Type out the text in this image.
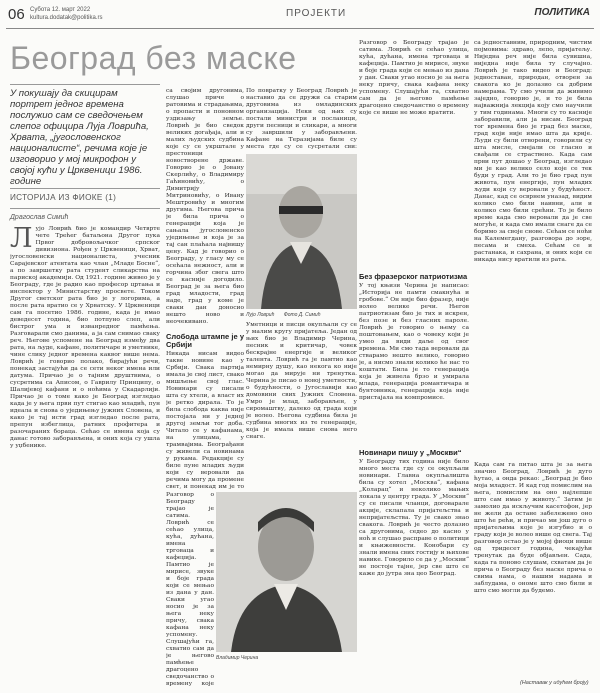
06 Субота 12. март 2022
kultura.dodatak@politika.rs	ПРОЈЕКТИ	ПОЛИТИКА
Београд без маске
У покушају да скицирам портрет једног времена послужио сам се сведочењем слепог официра Луја Ловрића, Хрвата, „југословенског националисте“, речима које је изговорио у мој микрофон у својој кући у Црквеници 1986. године
ИСТОРИЈА ИЗ ФИОКЕ (1)
Драгослав Симић

Лујо Ловрић био је командир Четврте чете Трећег батаљона Другог пука Првог добровољачког српског дивизиона. Рођен у Црквеници, Хрват, југословенски националиста, учесник Сарајевског атентата као члан „Младе Босне“, а по завршетку рата студент сликарства на париској академији. Од 1921. године живео је у Београду, где је радио као професор цртања и инспектор у Министарству просвете. Током Другог светског рата био је у логорима, а после рата вратио се у Хрватску. У Црквеници сам га посетио 1986. године, када је имао деведесет година, био потпуно слеп, али бистрог ума и изванредног памћења. Разговарали смо данима, а ја сам снимао сваку реч. Његове успомене на Београд између два рата, на људе, кафане, политичаре и уметнике, чине слику једног времена каквог више нема. Ловрић је говорио полако, бирајући речи, понекад застајући да се сети неког имена или датума. Причао је о тајним друштвима, о сусретима са Аписом, о Гаврилу Принципу, о Шалијевој кафани и о ноћима у Скадарлији. Причао је о томе како је Београд изгледао када је у њега први пут стигао као младић, пун идеала и снова о уједињењу јужних Словена, и како је тај исти град изгледао после рата, препун избеглица, ратних профитера и разочараних бораца. Сећао се имена која су данас готово заборављена, и оних која су ушла у уџбенике.

са својим друговима, слушао приче о ратовима и страдањима, о пропасти и поновном уздизању земље. Ловрић је био сведок великих догађаја, али и малих људских судбина које су се укрштале у престоници новостворене државе. Говорио је о Јовану Скерлићу, о Владимиру Гаћиновићу, о Димитрију Митриновићу, о Ивану Мештровићу и многим другима. Његова прича је била прича о генерацији која је сањала југословенско уједињење и која је за тај сан плаћала највишу цену. Кад је говорио о Београду, у гласу му се осећала нежност, али и горчина због свега што се касније догодило. Београд је за њега био град младости, град наде, град у коме је сваки дан доносио нешто ново и неочекивано.

По повратку у Београд Ловрић је наставио да се дружи са старим друговима из омладинских организација. Неки од њих су постали министри и посланици, други песници и сликари, а многи су завршили у заборављени. Кафане на Теразијама биле су места где су се сусретали сви:

Лујо Ловрић Фото Д. Симић
Слобода штампе је у Србији

Никада нисам видео такве новине као у Србији. Свака партија имала је свој лист, свако мишљење свој глас. Новинари су писали шта су хтели, а власт их је ретко дирала. То је била слобода каква није постојала ни у једној другој земљи тог доба. Читало се у кафанама, на улицама, у трамвајима. Београђани су живели са новинама у рукама. Редакције су биле пуне младих људи који су веровали да речима могу да промене свет, и понекад им је то

Уметници и писци окупљали су се у малим кругу пријатеља. Један од њих био је Владимир Черина, песник и критичар, човек бескрајне енергије и великог талента. Ловрић га је памтио као немирну душу, као некога ко није могао да мирује ни тренутка. Черина је писао о новој уметности, о будућности, о Југославији као домовини свих Јужних Словена. Умро је млад, заборављен, у сиромаштву, далеко од града који је волео. Његова судбина била је судбина многих из те генерације, која је имала више снова него снаге.

Владимир Черина

Разговор о Београду трајао је сатима. Ловрић се сећао улица, кућа, дућана, имена трговаца и кафеџија. Памтио је мирисе, звуке и боје града који се мењао из дана у дан. Сваки угао носио је за њега неку причу, свака кафана неку успомену. Слушајући га, схватио сам да је његово памћење драгоцено сведочанство о времену које

Разговор о Београду трајао је сатима. Ловрић се сећао улица, кућа, дућана, имена трговаца и кафеџија. Памтио је мирисе, звуке и боје града који се мењао из дана у дан. Сваки угао носио је за њега неку причу, свака кафана неку успомену. Слушајући га, схватио сам да је његово памћење драгоцено сведочанство о времену које се више не може вратити.

Без фразерског патриотизма

У тој књизи Черина је написао: „Историја не памти смакнућа и гробове.“ Он није био фразер, није волео велике речи. Његов патриотизам био је тих и искрен, без позе и без гласних пароле. Ловрић је говорио о њему са поштовањем, као о човеку који је умео да види даље од свог времена. Ми смо тада веровали да стварамо нешто велико, говорио је, а нисмо знали колико ће нас то коштати. Била је то генерација која је живела брзо и умирала млада, генерација романтичара и бунтовника, генерација која није пристајала на компромисе.

Новинари пишу у „Москви“

У Београду тих година није било много места где су се окупљали новинари. Главна окупљалишта била су хотел „Москва“, кафана „Коларац“ и неколико мањих локала у центру града. У „Москви“ су се писали чланци, договарале акције, склапала пријатељства и непријатељства. Ту је свако знао свакога. Ловрић је често долазио са друговима, седео до касно у ноћ и слушао расправе о политици и књижевности. Конобари су знали имена свих гостију и њихове навике. Говорило се да у „Москви“ не постоје тајне, јер све што се каже до јутра зна цео Београд.

са једноставним, природним, чистим појмовима: здраво, лепо, пријатељу. Ниједна реч није била сувишна, ниједна није била ту случајно. Ловрић је тако видео и Београд: једноставан, природан, отворен за свакога ко је долазио са добрим намерама. Ту смо учили да живимо заједно, говорио је, и то је била најважнија лекција коју смо научили у тим годинама. Многи су то касније заборавили, али ја нисам. Београд тог времена био је град без маске, град који није имао шта да крије. Људи су били отворени, говорили су шта мисле, смејали се гласно и свађали се страствено. Када сам први пут дошао у Београд, изгледао ми је као велико село које се тек буди у град. Али то је био град пун живота, пун енергије, пун младих људи који су веровали у будућност. Данас, кад се осврнем уназад, видим колико смо били наивни, али и колико смо били срећни. То је било време када смо веровали да је све могуће, и када смо имали снаге да се боримо за своје снове. Сећам се ноћи на Калемегдану, разговора до зоре, песама и смеха. Сећам се и растанака, и сахрана, и оних који се никада нису вратили из рата.

Када сам га питао шта је за њега значио Београд, Ловрић је дуго ћутао, а онда рекао: „Београд је био моја младост. И кад год помислим на њега, помислим на оно најлепше што сам имао у животу.“ Затим је замолио да искључим касетофон, јер не жели да остане забележено оно што ће рећи, и причао ми још дуго о пријатељима које је изгубио и о граду који је волео више од свега. Тај разговор остао је у мојој фиоци више од тридесет година, чекајући тренутак да буде објављен. Сада, када га поново слушам, схватам да је прича о Београду без маске прича о свима нама, о нашим надама и заблудама, о ономе што смо били и што смо могли да будемо.

(Наставак у идућем броју)
